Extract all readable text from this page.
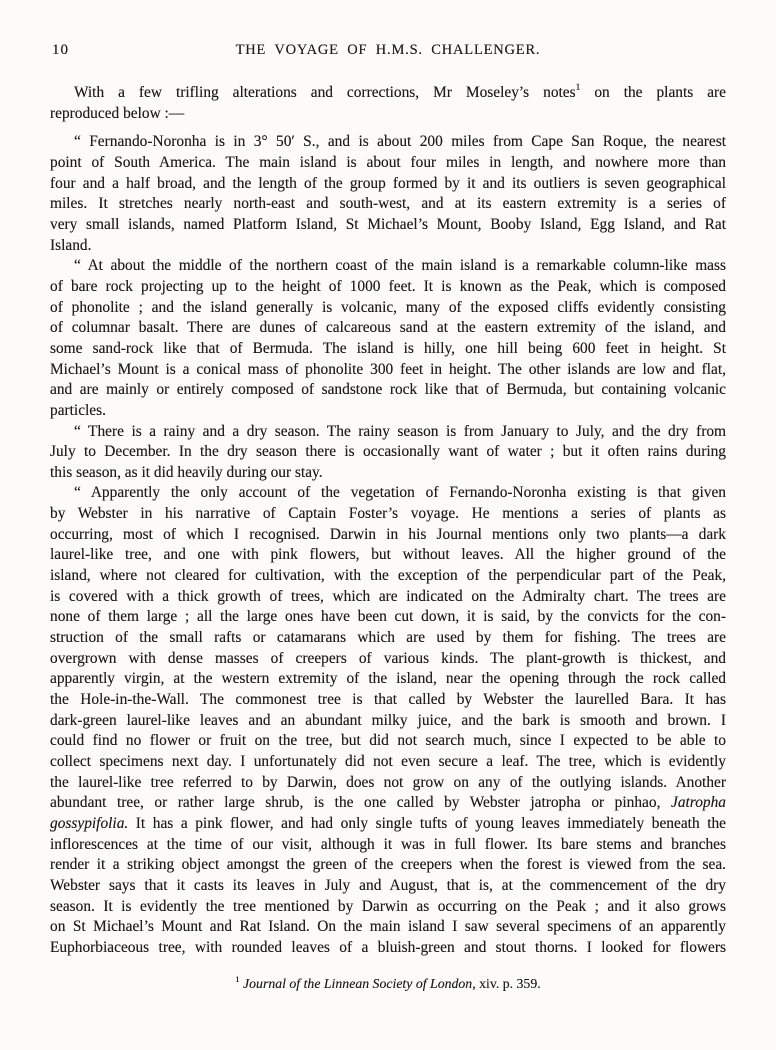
10	THE VOYAGE OF H.M.S. CHALLENGER.
With a few trifling alterations and corrections, Mr Moseley’s notes$^1$ on the plants are
reproduced below :—
“ Fernando-Noronha is in 3° 50′ S., and is about 200 miles from Cape San Roque, the nearest
point of South America. The main island is about four miles in length, and nowhere more than
four and a half broad, and the length of the group formed by it and its outliers is seven geographical
miles. It stretches nearly north-east and south-west, and at its eastern extremity is a series of
very small islands, named Platform Island, St Michael’s Mount, Booby Island, Egg Island, and Rat
Island.
“ At about the middle of the northern coast of the main island is a remarkable column-like mass
of bare rock projecting up to the height of 1000 feet. It is known as the Peak, which is composed
of phonolite ; and the island generally is volcanic, many of the exposed cliffs evidently consisting
of columnar basalt. There are dunes of calcareous sand at the eastern extremity of the island, and
some sand-rock like that of Bermuda. The island is hilly, one hill being 600 feet in height. St
Michael’s Mount is a conical mass of phonolite 300 feet in height. The other islands are low and flat,
and are mainly or entirely composed of sandstone rock like that of Bermuda, but containing volcanic
particles.
“ There is a rainy and a dry season. The rainy season is from January to July, and the dry from
July to December. In the dry season there is occasionally want of water ; but it often rains during
this season, as it did heavily during our stay.
“ Apparently the only account of the vegetation of Fernando-Noronha existing is that given
by Webster in his narrative of Captain Foster’s voyage. He mentions a series of plants as
occurring, most of which I recognised. Darwin in his Journal mentions only two plants—a dark
laurel-like tree, and one with pink flowers, but without leaves. All the higher ground of the
island, where not cleared for cultivation, with the exception of the perpendicular part of the Peak,
is covered with a thick growth of trees, which are indicated on the Admiralty chart. The trees are
none of them large ; all the large ones have been cut down, it is said, by the convicts for the con-
struction of the small rafts or catamarans which are used by them for fishing. The trees are
overgrown with dense masses of creepers of various kinds. The plant-growth is thickest, and
apparently virgin, at the western extremity of the island, near the opening through the rock called
the Hole-in-the-Wall. The commonest tree is that called by Webster the laurelled Bara. It has
dark-green laurel-like leaves and an abundant milky juice, and the bark is smooth and brown. I
could find no flower or fruit on the tree, but did not search much, since I expected to be able to
collect specimens next day. I unfortunately did not even secure a leaf. The tree, which is evidently
the laurel-like tree referred to by Darwin, does not grow on any of the outlying islands. Another
abundant tree, or rather large shrub, is the one called by Webster jatropha or pinhao, Jatropha
gossypifolia. It has a pink flower, and had only single tufts of young leaves immediately beneath the
inflorescences at the time of our visit, although it was in full flower. Its bare stems and branches
render it a striking object amongst the green of the creepers when the forest is viewed from the sea.
Webster says that it casts its leaves in July and August, that is, at the commencement of the dry
season. It is evidently the tree mentioned by Darwin as occurring on the Peak ; and it also grows
on St Michael’s Mount and Rat Island. On the main island I saw several specimens of an apparently
Euphorbiaceous tree, with rounded leaves of a bluish-green and stout thorns. I looked for flowers
$^1$ Journal of the Linnean Society of London, xiv. p. 359.
